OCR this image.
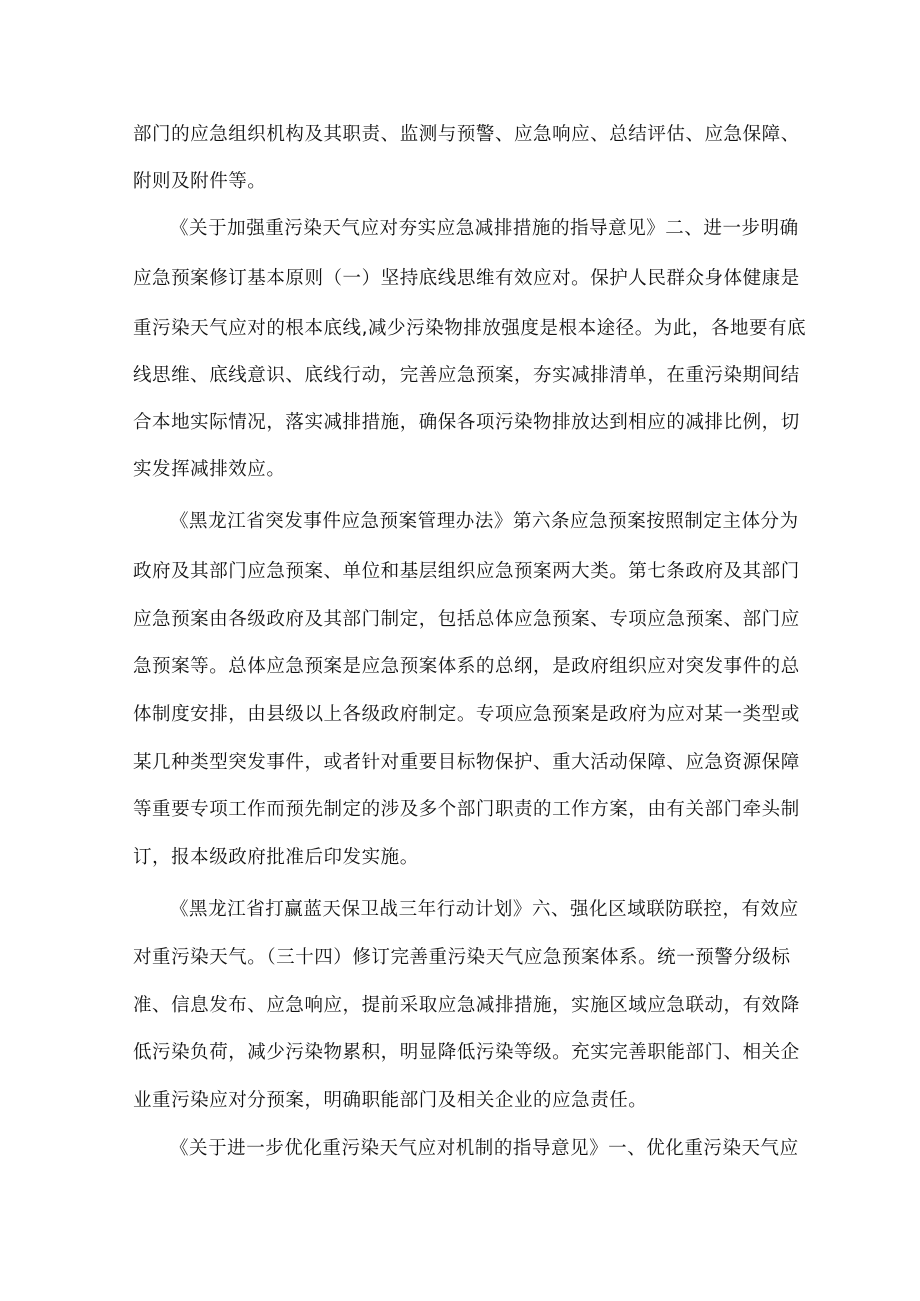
部门的应急组织机构及其职责、监测与预警、应急响应、总结评估、应急保障、
附则及附件等。
《关于加强重污染天气应对夯实应急减排措施的指导意见》二、进一步明确
应急预案修订基本原则（一）坚持底线思维有效应对。保护人民群众身体健康是
重污染天气应对的根本底线,减少污染物排放强度是根本途径。为此，各地要有底
线思维、底线意识、底线行动，完善应急预案，夯实减排清单，在重污染期间结
合本地实际情况，落实减排措施，确保各项污染物排放达到相应的减排比例，切
实发挥减排效应。
《黑龙江省突发事件应急预案管理办法》第六条应急预案按照制定主体分为
政府及其部门应急预案、单位和基层组织应急预案两大类。第七条政府及其部门
应急预案由各级政府及其部门制定，包括总体应急预案、专项应急预案、部门应
急预案等。总体应急预案是应急预案体系的总纲，是政府组织应对突发事件的总
体制度安排，由县级以上各级政府制定。专项应急预案是政府为应对某一类型或
某几种类型突发事件，或者针对重要目标物保护、重大活动保障、应急资源保障
等重要专项工作而预先制定的涉及多个部门职责的工作方案，由有关部门牵头制
订，报本级政府批准后印发实施。
《黑龙江省打赢蓝天保卫战三年行动计划》六、强化区域联防联控，有效应
对重污染天气。（三十四）修订完善重污染天气应急预案体系。统一预警分级标
准、信息发布、应急响应，提前采取应急减排措施，实施区域应急联动，有效降
低污染负荷，减少污染物累积，明显降低污染等级。充实完善职能部门、相关企
业重污染应对分预案，明确职能部门及相关企业的应急责任。
《关于进一步优化重污染天气应对机制的指导意见》一、优化重污染天气应
